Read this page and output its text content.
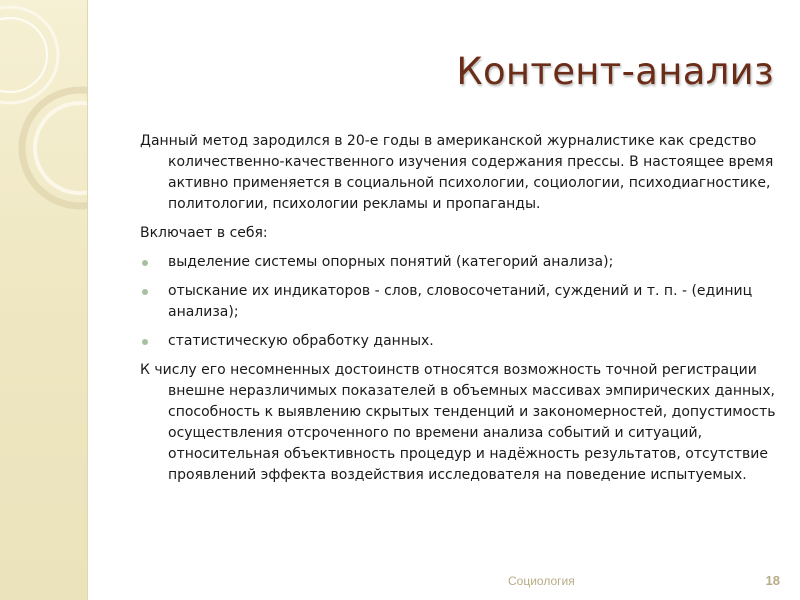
Контент-анализ

Данный метод зародился в 20-е годы в американской журналистике как средство количественно-качественного изучения содержания прессы. В настоящее время активно применяется в социальной психологии, социологии, психодиагностике, политологии, психологии рекламы и пропаганды.

Включает в себя:

выделение системы опорных понятий (категорий анализа);
отыскание их индикаторов - слов, словосочетаний, суждений и т. п. - (единиц анализа);
статистическую обработку данных.

К числу его несомненных достоинств относятся возможность точной регистрации внешне неразличимых показателей в объемных массивах эмпирических данных, способность к выявлению скрытых тенденций и закономерностей, допустимость осуществления отсроченного по времени анализа событий и ситуаций, относительная объективность процедур и надёжность результатов, отсутствие проявлений эффекта воздействия исследователя на поведение испытуемых.

Социология	18
